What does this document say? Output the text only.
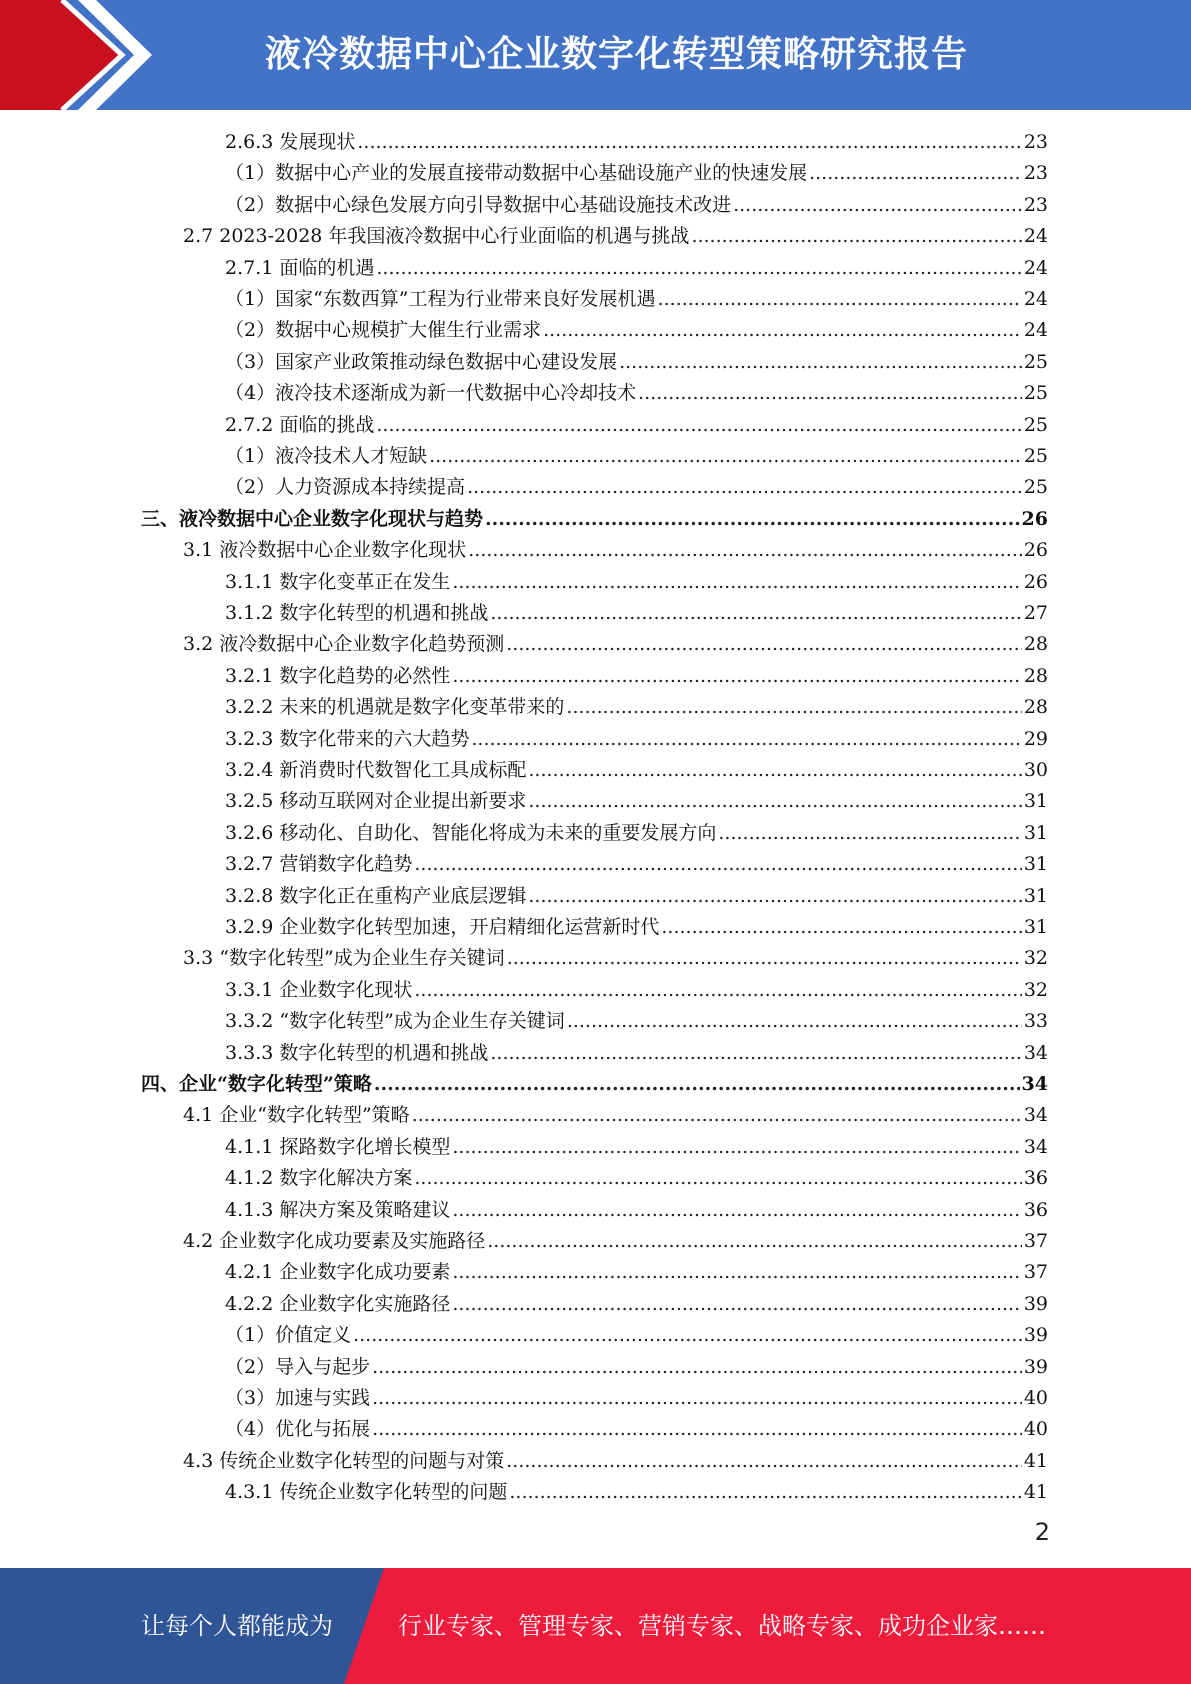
液冷数据中心企业数字化转型策略研究报告
2.6.3 发展现状 .....	23
（1）数据中心产业的发展直接带动数据中心基础设施产业的快速发展 .....	23
（2）数据中心绿色发展方向引导数据中心基础设施技术改进 .....	23
2.7 2023-2028 年我国液冷数据中心行业面临的机遇与挑战 .....	24
2.7.1 面临的机遇 .....	24
（1）国家“东数西算”工程为行业带来良好发展机遇 .....	24
（2）数据中心规模扩大催生行业需求 .....	24
（3）国家产业政策推动绿色数据中心建设发展 .....	25
（4）液冷技术逐渐成为新一代数据中心冷却技术 .....	25
2.7.2 面临的挑战 .....	25
（1）液冷技术人才短缺 .....	25
（2）人力资源成本持续提高 .....	25
三、液冷数据中心企业数字化现状与趋势 .....	26
3.1 液冷数据中心企业数字化现状 .....	26
3.1.1 数字化变革正在发生 .....	26
3.1.2 数字化转型的机遇和挑战 .....	27
3.2 液冷数据中心企业数字化趋势预测 .....	28
3.2.1 数字化趋势的必然性 .....	28
3.2.2 未来的机遇就是数字化变革带来的 .....	28
3.2.3 数字化带来的六大趋势 .....	29
3.2.4 新消费时代数智化工具成标配 .....	30
3.2.5 移动互联网对企业提出新要求 .....	31
3.2.6 移动化、自助化、智能化将成为未来的重要发展方向 .....	31
3.2.7 营销数字化趋势 .....	31
3.2.8 数字化正在重构产业底层逻辑 .....	31
3.2.9 企业数字化转型加速，开启精细化运营新时代 .....	31
3.3 “数字化转型”成为企业生存关键词 .....	32
3.3.1 企业数字化现状 .....	32
3.3.2 “数字化转型”成为企业生存关键词 .....	33
3.3.3 数字化转型的机遇和挑战 .....	34
四、企业“数字化转型”策略 .....	34
4.1 企业“数字化转型”策略 .....	34
4.1.1 探路数字化增长模型 .....	34
4.1.2 数字化解决方案 .....	36
4.1.3 解决方案及策略建议 .....	36
4.2 企业数字化成功要素及实施路径 .....	37
4.2.1 企业数字化成功要素 .....	37
4.2.2 企业数字化实施路径 .....	39
（1）价值定义 .....	39
（2）导入与起步 .....	39
（3）加速与实践 .....	40
（4）优化与拓展 .....	40
4.3 传统企业数字化转型的问题与对策 .....	41
4.3.1 传统企业数字化转型的问题 .....	41
2
让每个人都能成为	行业专家、管理专家、营销专家、战略专家、成功企业家……
